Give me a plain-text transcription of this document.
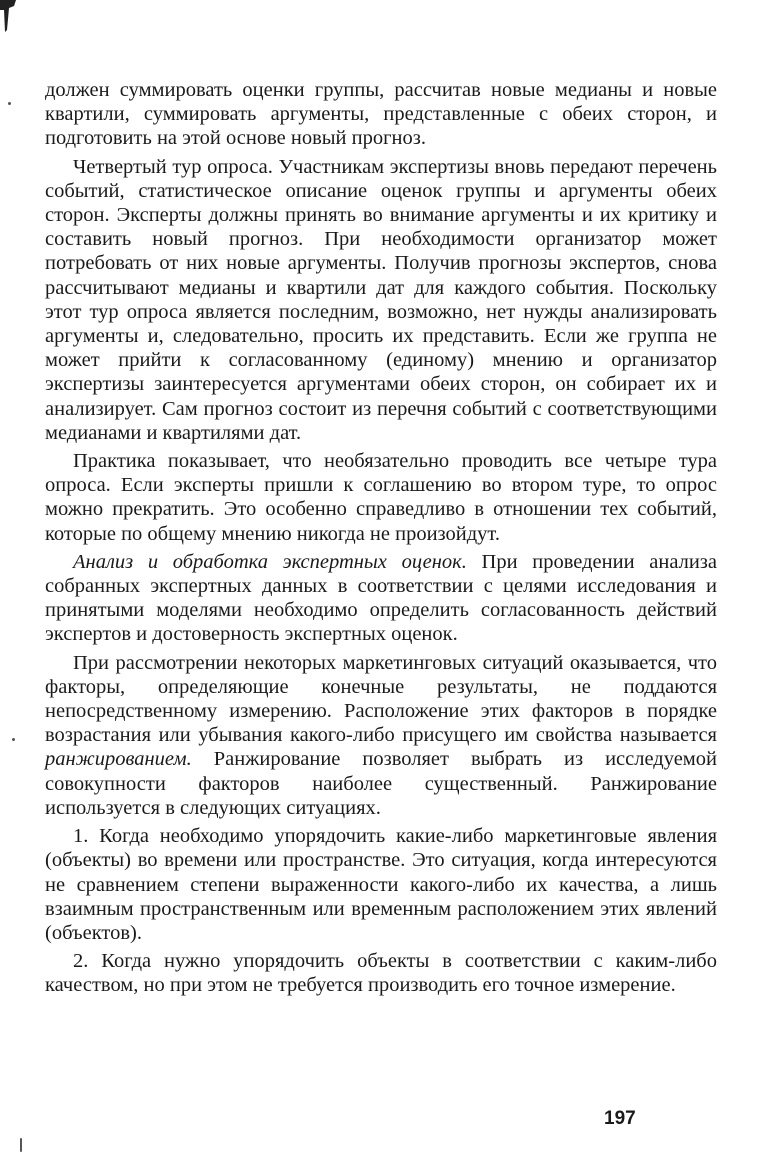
должен суммировать оценки группы, рассчитав новые медианы и новые квартили, суммировать аргументы, представленные с обеих сторон, и подготовить на этой основе новый прогноз.

Четвертый тур опроса. Участникам экспертизы вновь передают перечень событий, статистическое описание оценок группы и аргументы обеих сторон. Эксперты должны принять во внимание аргументы и их критику и составить новый прогноз. При необходимости организатор может потребовать от них новые аргументы. Получив прогнозы экспертов, снова рассчитывают медианы и квартили дат для каждого события. Поскольку этот тур опроса является последним, возможно, нет нужды анализировать аргументы и, следовательно, просить их представить. Если же группа не может прийти к согласованному (единому) мнению и организатор экспертизы заинтересуется аргументами обеих сторон, он собирает их и анализирует. Сам прогноз состоит из перечня событий с соответствующими медианами и квартилями дат.

Практика показывает, что необязательно проводить все четыре тура опроса. Если эксперты пришли к соглашению во втором туре, то опрос можно прекратить. Это особенно справедливо в отношении тех событий, которые по общему мнению никогда не произойдут.

Анализ и обработка экспертных оценок. При проведении анализа собранных экспертных данных в соответствии с целями исследования и принятыми моделями необходимо определить согласованность действий экспертов и достоверность экспертных оценок.

При рассмотрении некоторых маркетинговых ситуаций оказывается, что факторы, определяющие конечные результаты, не поддаются непосредственному измерению. Расположение этих факторов в порядке возрастания или убывания какого-либо присущего им свойства называется ранжированием. Ранжирование позволяет выбрать из исследуемой совокупности факторов наиболее существенный. Ранжирование используется в следующих ситуациях.

1. Когда необходимо упорядочить какие-либо маркетинговые явления (объекты) во времени или пространстве. Это ситуация, когда интересуются не сравнением степени выраженности какого-либо их качества, а лишь взаимным пространственным или временным расположением этих явлений (объектов).

2. Когда нужно упорядочить объекты в соответствии с каким-либо качеством, но при этом не требуется производить его точное измерение.

197
